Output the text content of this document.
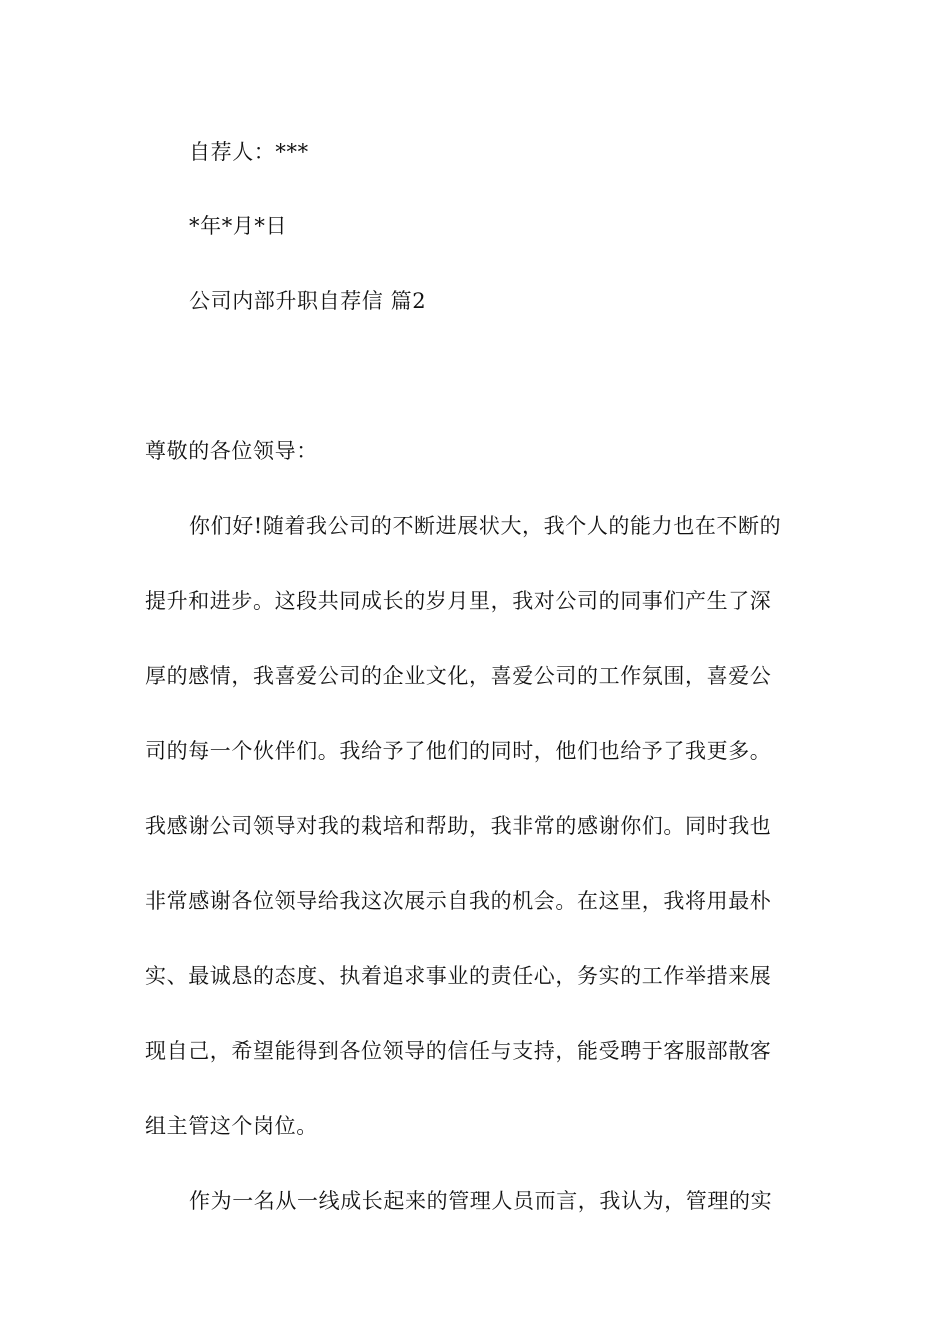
自荐人：***
*年*月*日
公司内部升职自荐信 篇2
尊敬的各位领导：
你们好!随着我公司的不断进展状大，我个人的能力也在不断的
提升和进步。这段共同成长的岁月里，我对公司的同事们产生了深
厚的感情，我喜爱公司的企业文化，喜爱公司的工作氛围，喜爱公
司的每一个伙伴们。我给予了他们的同时，他们也给予了我更多。
我感谢公司领导对我的栽培和帮助，我非常的感谢你们。同时我也
非常感谢各位领导给我这次展示自我的机会。在这里，我将用最朴
实、最诚恳的态度、执着追求事业的责任心，务实的工作举措来展
现自己，希望能得到各位领导的信任与支持，能受聘于客服部散客
组主管这个岗位。
作为一名从一线成长起来的管理人员而言，我认为，管理的实
